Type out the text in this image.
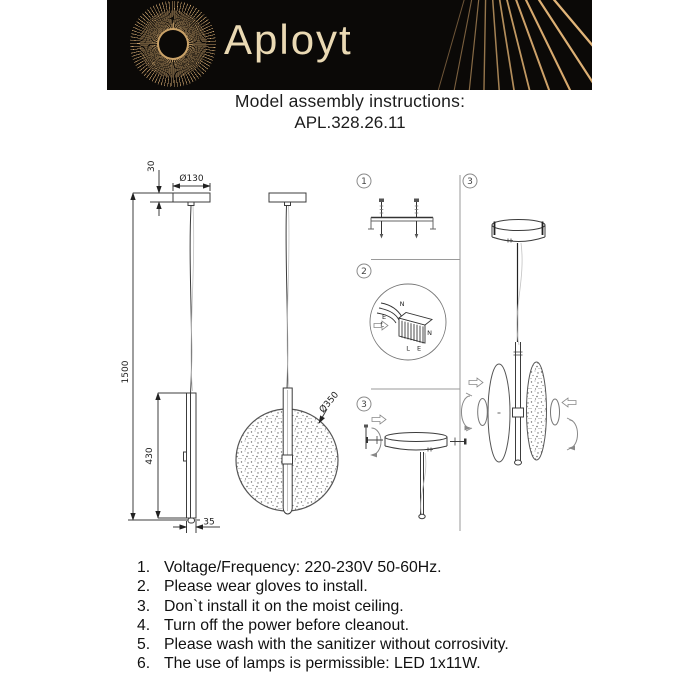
1500
30
Ø130
430
35
Ø350
1
2
3
3
N
E
L
N
L E
Aployt
Model assembly instructions:
APL.328.26.11
1. Voltage/Frequency: 220-230V 50-60Hz.
2. Please wear gloves to install.
3. Don`t install it on the moist ceiling.
4. Turn off the power before cleanout.
5. Please wash with the sanitizer without corrosivity.
6. The use of lamps is permissible: LED 1x11W.
